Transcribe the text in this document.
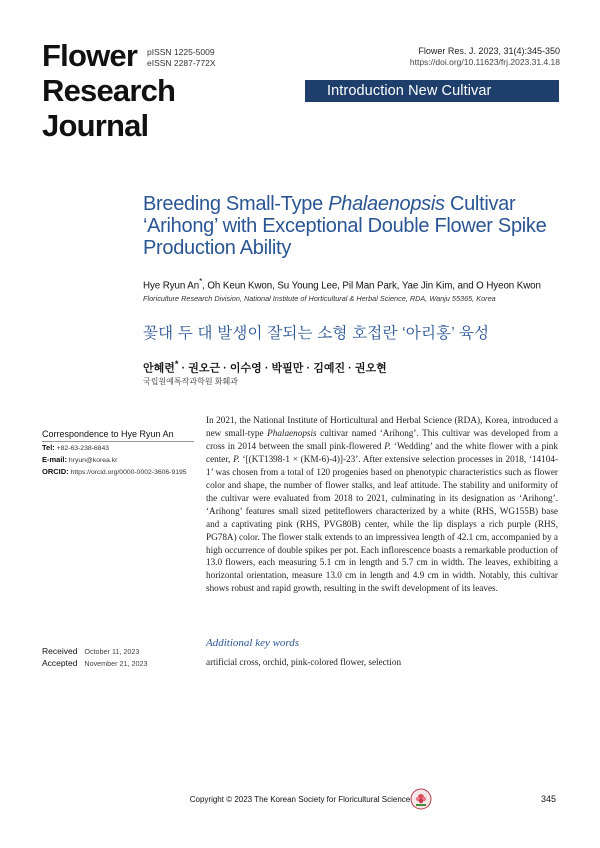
Flower
Research
Journal
pISSN 1225-5009
eISSN 2287-772X
Flower Res. J. 2023, 31(4):345-350
https://doi.org/10.11623/frj.2023.31.4.18
Introduction New Cultivar
Breeding Small-Type Phalaenopsis Cultivar ‘Arihong’ with Exceptional Double Flower Spike Production Ability
Hye Ryun An*, Oh Keun Kwon, Su Young Lee, Pil Man Park, Yae Jin Kim, and O Hyeon Kwon
Floriculture Research Division, National Institute of Horticultural & Herbal Science, RDA, Wanju 55365, Korea
꽃대 두 대 발생이 잘되는 소형 호접란 ‘아리홍’ 육성
안혜련* · 권오근 · 이수영 · 박필만 · 김예진 · 권오현
국립원예특작과학원 화훼과
Correspondence to Hye Ryun An
Tel: +82-63-238-6843
E-mail: hryun@korea.kr
ORCID: https://orcid.org/0000-0002-3606-9195

In 2021, the National Institute of Horticultural and Herbal Science (RDA), Korea, introduced a new small-type Phalaenopsis cultivar named ‘Arihong’. This cultivar was developed from a cross in 2014 between the small pink-flowered P. ‘Wedding’ and the white flower with a pink center, P. ‘[(KT1398-1 × (KM-6)-4)]-23’. After extensive selection processes in 2018, ‘14104-1’ was chosen from a total of 120 progenies based on phenotypic characteristics such as flower color and shape, the number of flower stalks, and leaf attitude. The stability and uniformity of the cultivar were evaluated from 2018 to 2021, culminating in its designation as ‘Arihong’. ‘Arihong’ features small sized petiteflowers characterized by a white (RHS, WG155B) base and a captivating pink (RHS, PVG80B) center, while the lip displays a rich purple (RHS, PG78A) color. The flower stalk extends to an impressivea length of 42.1 cm, accompanied by a high occurrence of double spikes per pot. Each inflorescence boasts a remarkable production of 13.0 flowers, each measuring 5.1 cm in length and 5.7 cm in width. The leaves, exhibiting a horizontal orientation, measure 13.0 cm in length and 4.9 cm in width. Notably, this cultivar shows robust and rapid growth, resulting in the swift development of its leaves.

Additional key words
artificial cross, orchid, pink-colored flower, selection
Received October 11, 2023
Accepted November 21, 2023
Copyright © 2023 The Korean Society for Floricultural Science	345
